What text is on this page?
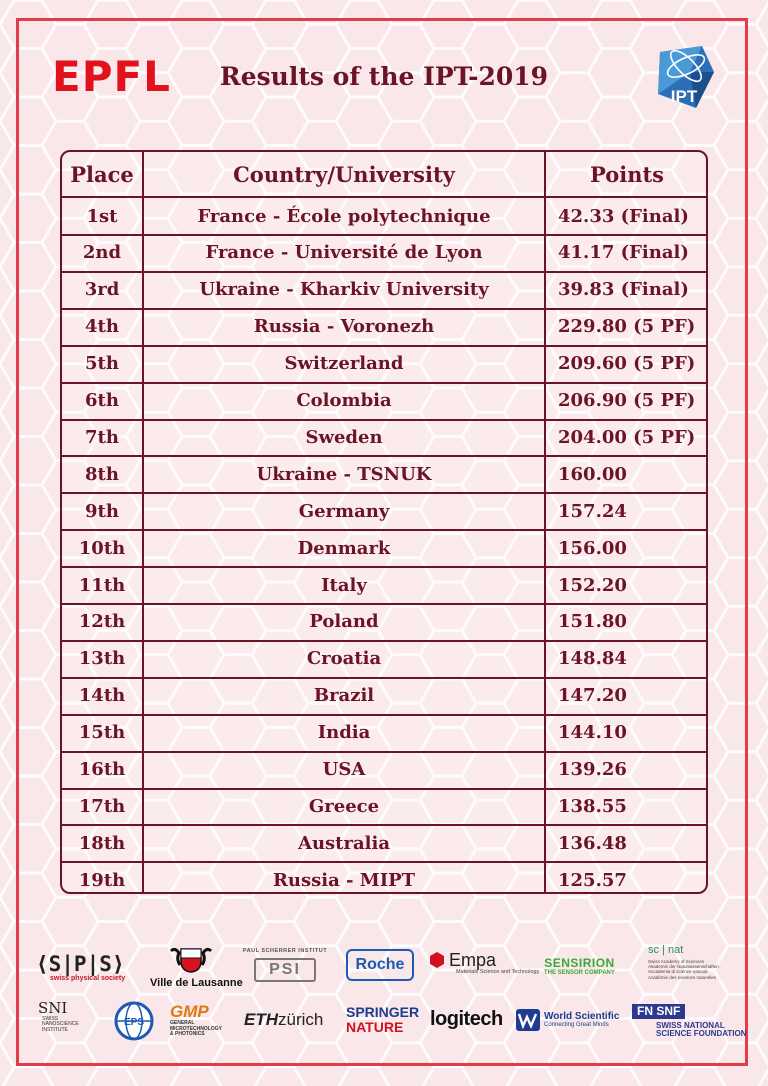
EPFL	Results of the IPT-2019
IPT
Place	Country/University	Points
1st	France - École polytechnique	42.33 (Final)
2nd	France - Université de Lyon	41.17 (Final)
3rd	Ukraine - Kharkiv University	39.83 (Final)
4th	Russia - Voronezh	229.80 (5 PF)
5th	Switzerland	209.60 (5 PF)
6th	Colombia	206.90 (5 PF)
7th	Sweden	204.00 (5 PF)
8th	Ukraine - TSNUK	160.00
9th	Germany	157.24
10th	Denmark	156.00
11th	Italy	152.20
12th	Poland	151.80
13th	Croatia	148.84
14th	Brazil	147.20
15th	India	144.10
16th	USA	139.26
17th	Greece	138.55
18th	Australia	136.48
19th	Russia - MIPT	125.57
⟨S|P|S⟩
swiss physical society Ville de Lausanne
PAUL SCHERRER INSTITUT
PSI	Roche	Empa
Materials Science and Technology
SENSIRION
THE SENSOR COMPANY
sc | nat
Swiss Academy of Sciences
Akademie der Naturwissenschaften
Accademia di scienze naturali
Académie des sciences naturelles
SNI
SWISS
NANOSCIENCE
INSTITUTE
EPS
GMP
GENERAL
MICROTECHNOLOGY
& PHOTONICS
ETHzürich SPRINGER
NATURE	logitech	World Scientific
Connecting Great Minds
FN SNF
SWISS NATIONAL
SCIENCE FOUNDATION
